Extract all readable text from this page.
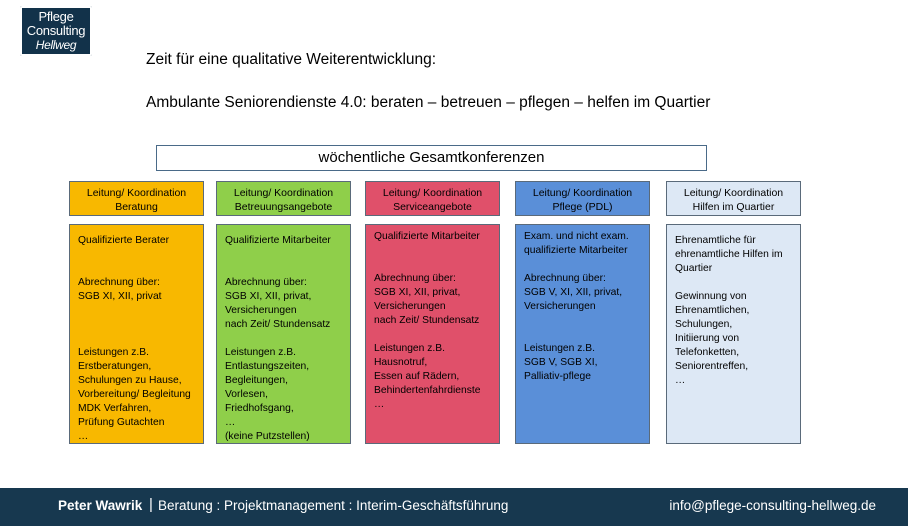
Pflege
Consulting
Hellweg
Zeit für eine qualitative Weiterentwicklung:
Ambulante Seniorendienste 4.0: beraten – betreuen – pflegen – helfen im Quartier
wöchentliche Gesamtkonferenzen

Leitung/ Koordination
Beratung

Leitung/ Koordination
Betreuungsangebote

Leitung/ Koordination
Serviceangebote

Leitung/ Koordination
Pflege (PDL)

Leitung/ Koordination
Hilfen im Quartier

Qualifizierte Berater

Abrechnung über:
SGB XI, XII, privat

Leistungen z.B.
Erstberatungen,
Schulungen zu Hause,
Vorbereitung/ Begleitung
MDK Verfahren,
Prüfung Gutachten
…

Qualifizierte Mitarbeiter

Abrechnung über:
SGB XI, XII, privat,
Versicherungen
nach Zeit/ Stundensatz

Leistungen z.B.
Entlastungszeiten,
Begleitungen,
Vorlesen,
Friedhofsgang,
…
(keine Putzstellen)

Qualifizierte Mitarbeiter

Abrechnung über:
SGB XI, XII, privat,
Versicherungen
nach Zeit/ Stundensatz

Leistungen z.B.
Hausnotruf,
Essen auf Rädern,
Behindertenfahrdienste
…

Exam. und nicht exam.
qualifizierte Mitarbeiter

Abrechnung über:
SGB V, XI, XII, privat,
Versicherungen

Leistungen z.B.
SGB V, SGB XI,
Palliativ-pflege

Ehrenamtliche für
ehrenamtliche Hilfen im
Quartier

Gewinnung von
Ehrenamtlichen,
Schulungen,
Initiierung von
Telefonketten,
Seniorentreffen,
…

Peter Wawrik | Beratung : Projektmanagement : Interim-Geschäftsführung	info@pflege-consulting-hellweg.de
